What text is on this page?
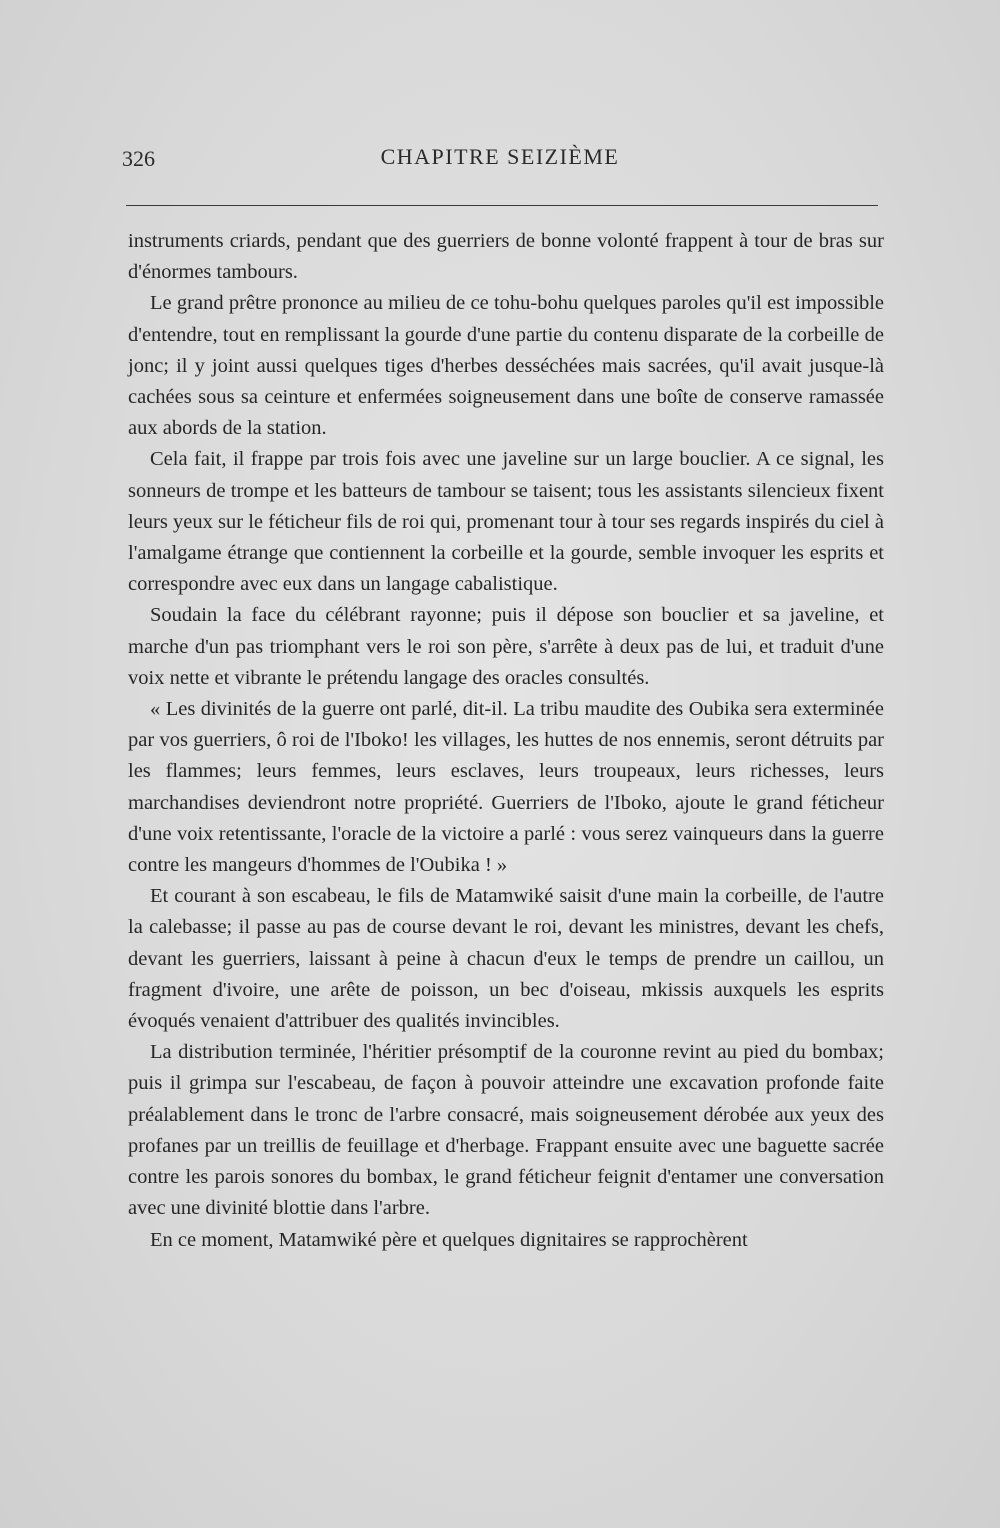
326	CHAPITRE SEIZIÈME

instruments criards, pendant que des guerriers de bonne volonté frappent à tour de bras sur d'énormes tambours.

Le grand prêtre prononce au milieu de ce tohu-bohu quelques paroles qu'il est impossible d'entendre, tout en remplissant la gourde d'une partie du contenu disparate de la corbeille de jonc; il y joint aussi quelques tiges d'herbes desséchées mais sacrées, qu'il avait jusque-là cachées sous sa ceinture et enfermées soigneusement dans une boîte de conserve ramassée aux abords de la station.

Cela fait, il frappe par trois fois avec une javeline sur un large bouclier. A ce signal, les sonneurs de trompe et les batteurs de tambour se taisent; tous les assistants silencieux fixent leurs yeux sur le féticheur fils de roi qui, promenant tour à tour ses regards inspirés du ciel à l'amalgame étrange que contiennent la corbeille et la gourde, semble invoquer les esprits et correspondre avec eux dans un langage cabalistique.

Soudain la face du célébrant rayonne; puis il dépose son bouclier et sa javeline, et marche d'un pas triomphant vers le roi son père, s'arrête à deux pas de lui, et traduit d'une voix nette et vibrante le prétendu langage des oracles consultés.

« Les divinités de la guerre ont parlé, dit-il. La tribu maudite des Oubika sera exterminée par vos guerriers, ô roi de l'Iboko! les villages, les huttes de nos ennemis, seront détruits par les flammes; leurs femmes, leurs esclaves, leurs troupeaux, leurs richesses, leurs marchandises deviendront notre propriété. Guerriers de l'Iboko, ajoute le grand féticheur d'une voix retentissante, l'oracle de la victoire a parlé : vous serez vainqueurs dans la guerre contre les mangeurs d'hommes de l'Oubika ! »

Et courant à son escabeau, le fils de Matamwiké saisit d'une main la corbeille, de l'autre la calebasse; il passe au pas de course devant le roi, devant les ministres, devant les chefs, devant les guerriers, laissant à peine à chacun d'eux le temps de prendre un caillou, un fragment d'ivoire, une arête de poisson, un bec d'oiseau, mkissis auxquels les esprits évoqués venaient d'attribuer des qualités invincibles.

La distribution terminée, l'héritier présomptif de la couronne revint au pied du bombax; puis il grimpa sur l'escabeau, de façon à pouvoir atteindre une excavation profonde faite préalablement dans le tronc de l'arbre consacré, mais soigneusement dérobée aux yeux des profanes par un treillis de feuillage et d'herbage. Frappant ensuite avec une baguette sacrée contre les parois sonores du bombax, le grand féticheur feignit d'entamer une conversation avec une divinité blottie dans l'arbre.

En ce moment, Matamwiké père et quelques dignitaires se rapprochèrent
